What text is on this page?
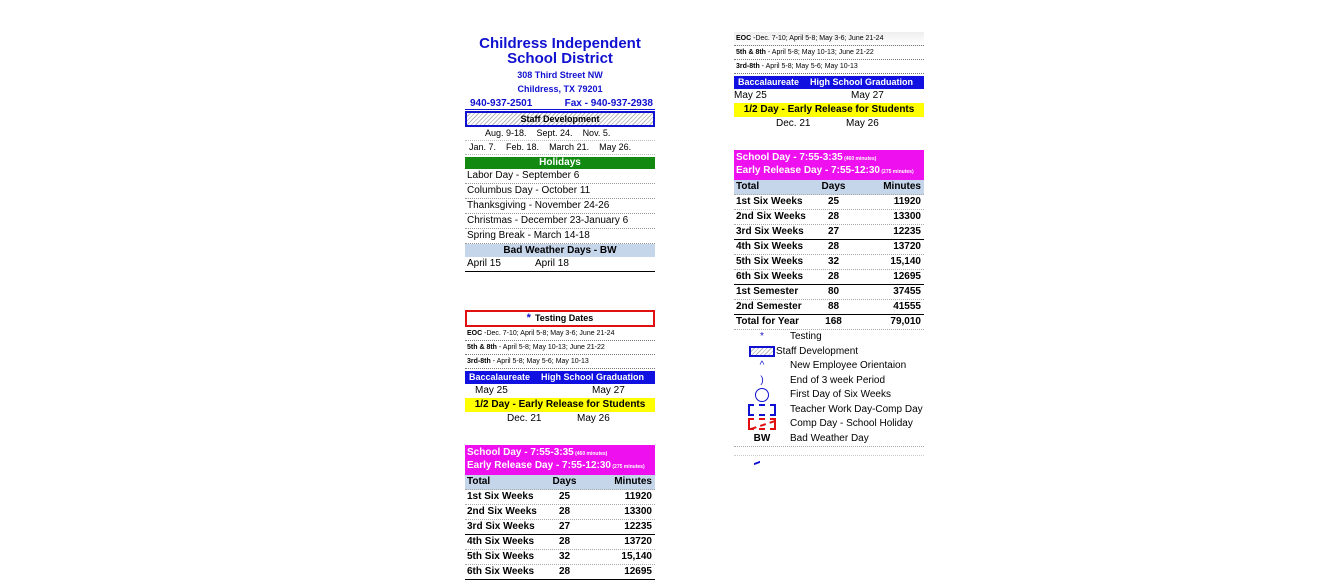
Childress Independent
School District
308 Third Street NW
Childress, TX 79201
940-937-2501	Fax - 940-937-2938
Staff Development
Aug. 9-18. Sept. 24. Nov. 5.
Jan. 7. Feb. 18. March 21. May 26.
Holidays
Labor Day - September 6
Columbus Day - October 11
Thanksgiving - November 24-26
Christmas - December 23-January 6
Spring Break - March 14-18
Bad Weather Days - BW
April 15	April 18
* Testing Dates
EOC -Dec. 7-10; April 5-8; May 3-6; June 21-24
5th & 8th - April 5-8; May 10-13; June 21-22
3rd-8th - April 5-8; May 5-6; May 10-13
Baccalaureate	High School Graduation
May 25	May 27
1/2 Day - Early Release for Students
Dec. 21	May 26
School Day - 7:55-3:35 (460 minutes)
Early Release Day - 7:55-12:30 (275 minutes)
Total	Days	Minutes
1st Six Weeks	25	11920
2nd Six Weeks	28	13300
3rd Six Weeks	27	12235
4th Six Weeks	28	13720
5th Six Weeks	32	15,140
6th Six Weeks	28	12695
EOC -Dec. 7-10; April 5-8; May 3-6; June 21-24
5th & 8th - April 5-8; May 10-13; June 21-22
3rd-8th - April 5-8; May 5-6; May 10-13
Baccalaureate	High School Graduation
May 25	May 27
1/2 Day - Early Release for Students
Dec. 21	May 26
School Day - 7:55-3:35 (460 minutes)
Early Release Day - 7:55-12:30 (275 minutes)
Total	Days	Minutes
1st Six Weeks	25	11920
2nd Six Weeks	28	13300
3rd Six Weeks	27	12235
4th Six Weeks	28	13720
5th Six Weeks	32	15,140
6th Six Weeks	28	12695
1st Semester	80	37455
2nd Semester	88	41555
Total for Year	168	79,010
*	Testing
Staff Development
^	New Employee Orientaion
)	End of 3 week Period
First Day of Six Weeks
Teacher Work Day-Comp Day
Comp Day - School Holiday
BW	Bad Weather Day
